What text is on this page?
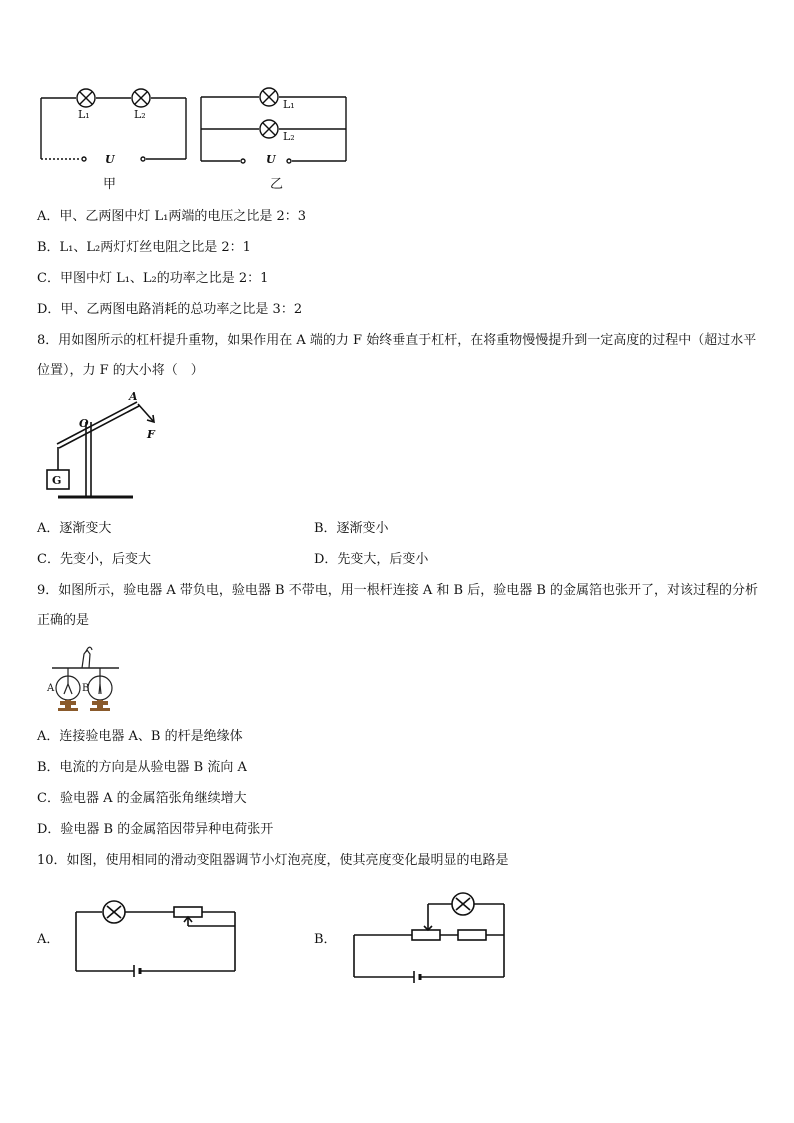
L₁	L₂
U
甲
L₁
L₂
U
乙
A．甲、乙两图中灯 L₁两端的电压之比是 2：3
B．L₁、L₂两灯灯丝电阻之比是 2：1
C．甲图中灯 L₁、L₂的功率之比是 2：1
D．甲、乙两图电路消耗的总功率之比是 3：2
8．用如图所示的杠杆提升重物，如果作用在 A 端的力 F 始终垂直于杠杆，在将重物慢慢提升到一定高度的过程中（超过水平位置），力 F 的大小将（　）
A
O
F
G
A．逐渐变大	B．逐渐变小
C．先变小，后变大	D．先变大，后变小
9．如图所示，验电器 A 带负电，验电器 B 不带电，用一根杆连接 A 和 B 后，验电器 B 的金属箔也张开了，对该过程的分析正确的是
A	B
A．连接验电器 A、B 的杆是绝缘体
B．电流的方向是从验电器 B 流向 A
C．验电器 A 的金属箔张角继续增大
D．验电器 B 的金属箔因带异种电荷张开
10．如图，使用相同的滑动变阻器调节小灯泡亮度，使其亮度变化最明显的电路是
A．	B．
